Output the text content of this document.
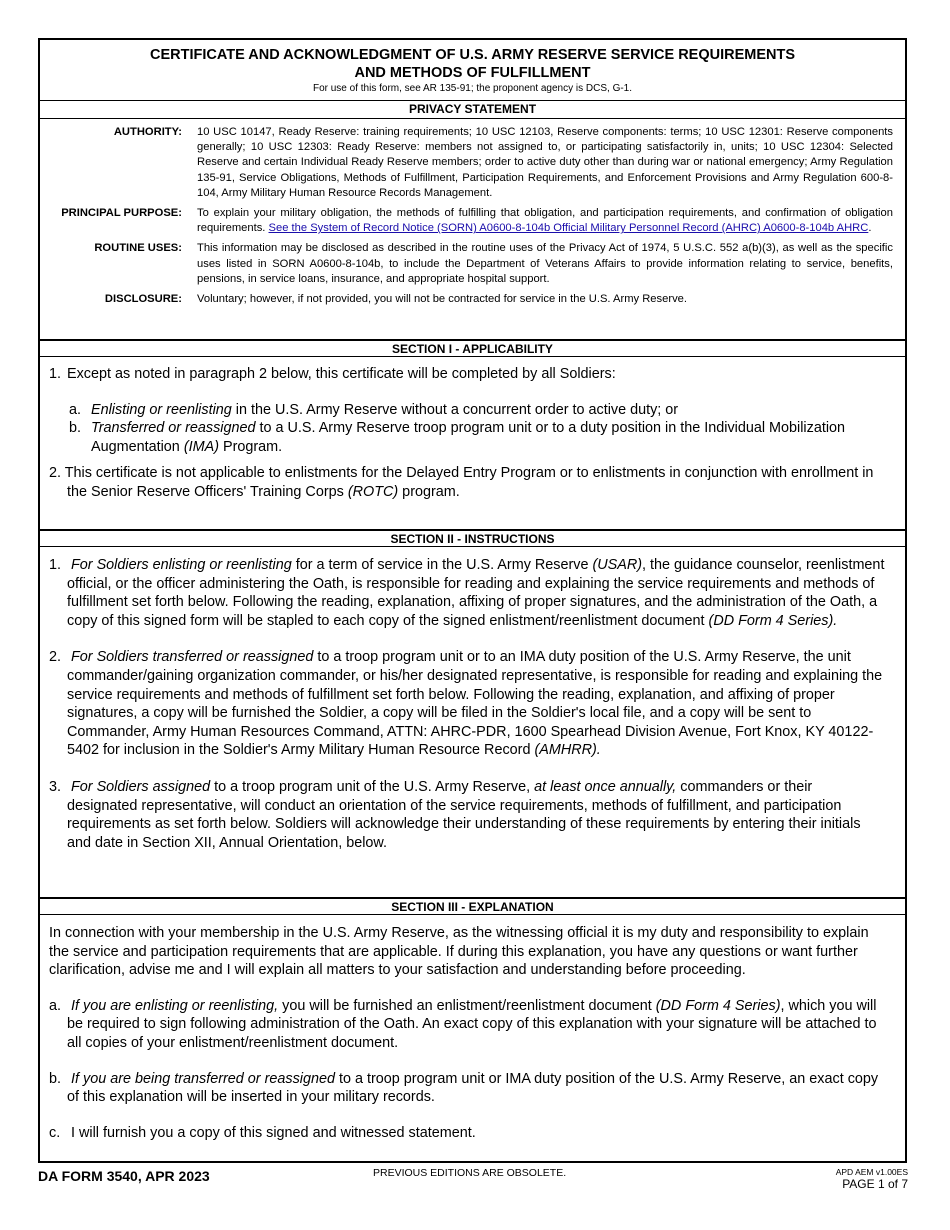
CERTIFICATE AND ACKNOWLEDGMENT OF U.S. ARMY RESERVE SERVICE REQUIREMENTS
AND METHODS OF FULFILLMENT
For use of this form, see AR 135-91; the proponent agency is DCS, G-1.
PRIVACY STATEMENT
AUTHORITY:	10 USC 10147, Ready Reserve: training requirements; 10 USC 12103, Reserve components: terms; 10 USC 12301: Reserve components generally; 10 USC 12303: Ready Reserve: members not assigned to, or participating satisfactorily in, units; 10 USC 12304: Selected Reserve and certain Individual Ready Reserve members; order to active duty other than during war or national emergency; Army Regulation 135-91, Service Obligations, Methods of Fulfillment, Participation Requirements, and Enforcement Provisions and Army Regulation 600-8-104, Army Military Human Resource Records Management.
PRINCIPAL PURPOSE:	To explain your military obligation, the methods of fulfilling that obligation, and participation requirements, and confirmation of obligation requirements. See the System of Record Notice (SORN) A0600-8-104b Official Military Personnel Record (AHRC) A0600-8-104b AHRC.
ROUTINE USES:	This information may be disclosed as described in the routine uses of the Privacy Act of 1974, 5 U.S.C. 552 a(b)(3), as well as the specific uses listed in SORN A0600-8-104b, to include the Department of Veterans Affairs to provide information relating to service, benefits, pensions, in service loans, insurance, and appropriate hospital support.
DISCLOSURE:	Voluntary; however, if not provided, you will not be contracted for service in the U.S. Army Reserve.
SECTION I - APPLICABILITY
1. Except as noted in paragraph 2 below, this certificate will be completed by all Soldiers:
a. Enlisting or reenlisting in the U.S. Army Reserve without a concurrent order to active duty; or
b. Transferred or reassigned to a U.S. Army Reserve troop program unit or to a duty position in the Individual Mobilization Augmentation (IMA) Program.
2. This certificate is not applicable to enlistments for the Delayed Entry Program or to enlistments in conjunction with enrollment in the Senior Reserve Officers' Training Corps (ROTC) program.
SECTION II - INSTRUCTIONS
1. For Soldiers enlisting or reenlisting for a term of service in the U.S. Army Reserve (USAR), the guidance counselor, reenlistment official, or the officer administering the Oath, is responsible for reading and explaining the service requirements and methods of fulfillment set forth below. Following the reading, explanation, affixing of proper signatures, and the administration of the Oath, a copy of this signed form will be stapled to each copy of the signed enlistment/reenlistment document (DD Form 4 Series).
2. For Soldiers transferred or reassigned to a troop program unit or to an IMA duty position of the U.S. Army Reserve, the unit commander/gaining organization commander, or his/her designated representative, is responsible for reading and explaining the service requirements and methods of fulfillment set forth below. Following the reading, explanation, and affixing of proper signatures, a copy will be furnished the Soldier, a copy will be filed in the Soldier's local file, and a copy will be sent to Commander, Army Human Resources Command, ATTN: AHRC-PDR, 1600 Spearhead Division Avenue, Fort Knox, KY 40122-5402 for inclusion in the Soldier's Army Military Human Resource Record (AMHRR).
3. For Soldiers assigned to a troop program unit of the U.S. Army Reserve, at least once annually, commanders or their designated representative, will conduct an orientation of the service requirements, methods of fulfillment, and participation requirements as set forth below. Soldiers will acknowledge their understanding of these requirements by entering their initials and date in Section XII, Annual Orientation, below.
SECTION III - EXPLANATION
In connection with your membership in the U.S. Army Reserve, as the witnessing official it is my duty and responsibility to explain the service and participation requirements that are applicable. If during this explanation, you have any questions or want further clarification, advise me and I will explain all matters to your satisfaction and understanding before proceeding.
a. If you are enlisting or reenlisting, you will be furnished an enlistment/reenlistment document (DD Form 4 Series), which you will be required to sign following administration of the Oath. An exact copy of this explanation with your signature will be attached to all copies of your enlistment/reenlistment document.
b. If you are being transferred or reassigned to a troop program unit or IMA duty position of the U.S. Army Reserve, an exact copy of this explanation will be inserted in your military records.
c. I will furnish you a copy of this signed and witnessed statement.
DA FORM 3540, APR 2023	PREVIOUS EDITIONS ARE OBSOLETE.	APD AEM v1.00ES
PAGE 1 of 7
